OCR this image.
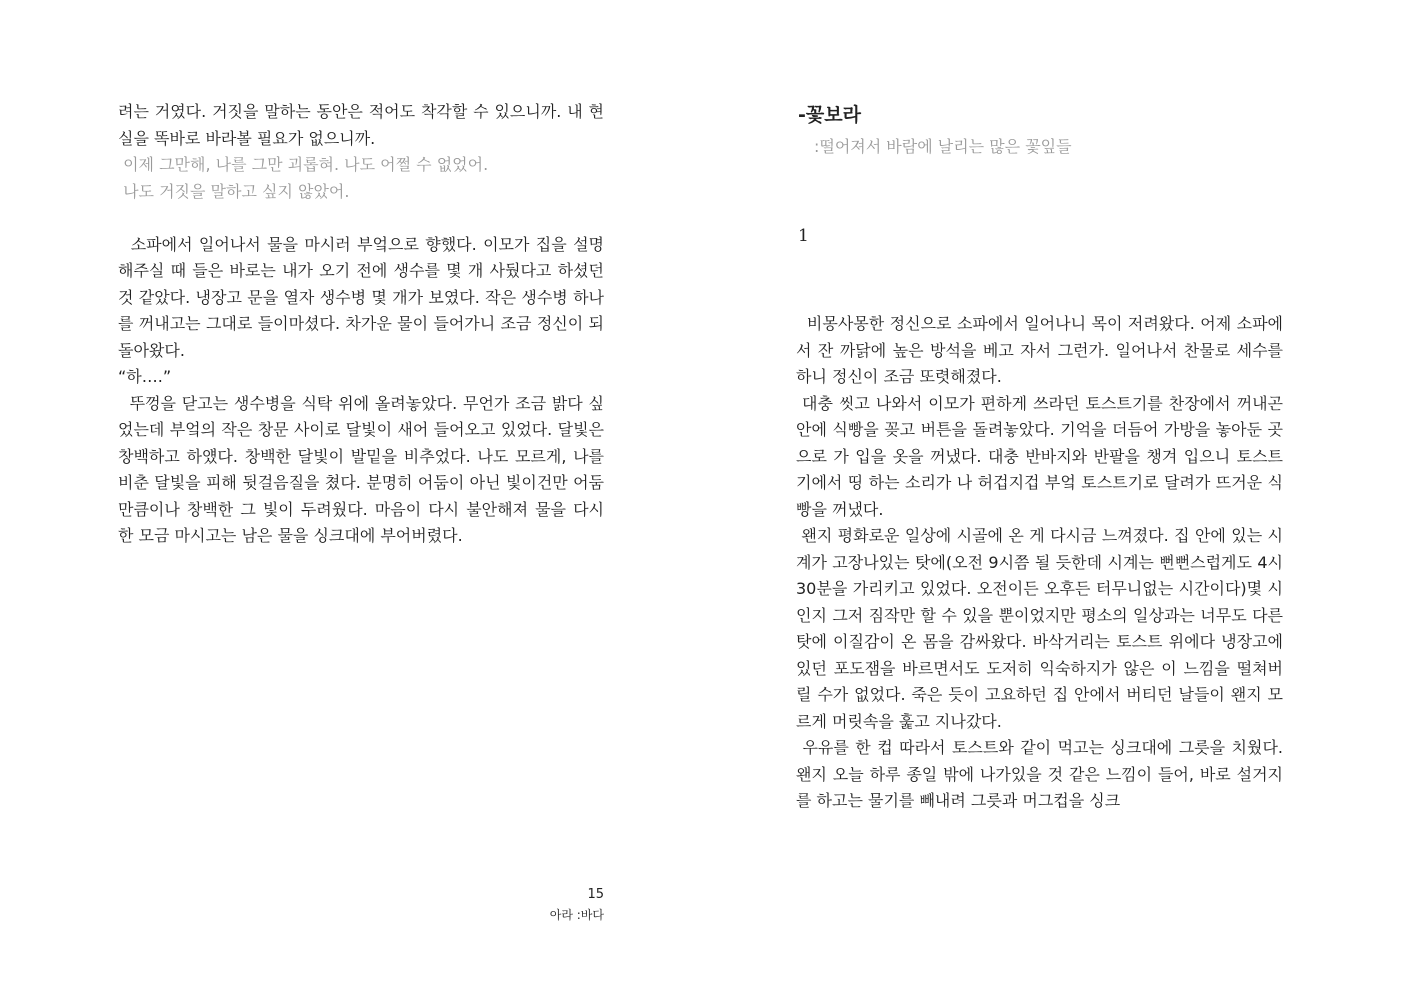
려는 거였다. 거짓을 말하는 동안은 적어도 착각할 수 있으니까. 내 현실을 똑바로 바라볼 필요가 없으니까.

이제 그만해, 나를 그만 괴롭혀. 나도 어쩔 수 없었어.

나도 거짓을 말하고 싶지 않았어.

소파에서 일어나서 물을 마시러 부엌으로 향했다. 이모가 집을 설명해주실 때 들은 바로는 내가 오기 전에 생수를 몇 개 사뒀다고 하셨던 것 같았다. 냉장고 문을 열자 생수병 몇 개가 보였다. 작은 생수병 하나를 꺼내고는 그대로 들이마셨다. 차가운 물이 들어가니 조금 정신이 되돌아왔다.

“하….”

뚜껑을 닫고는 생수병을 식탁 위에 올려놓았다. 무언가 조금 밝다 싶었는데 부엌의 작은 창문 사이로 달빛이 새어 들어오고 있었다. 달빛은 창백하고 하얬다. 창백한 달빛이 발밑을 비추었다. 나도 모르게, 나를 비춘 달빛을 피해 뒷걸음질을 쳤다. 분명히 어둠이 아닌 빛이건만 어둠만큼이나 창백한 그 빛이 두려웠다. 마음이 다시 불안해져 물을 다시 한 모금 마시고는 남은 물을 싱크대에 부어버렸다.

15
아라 :바다
-꽃보라

:떨어져서 바람에 날리는 많은 꽃잎들

1

비몽사몽한 정신으로 소파에서 일어나니 목이 저려왔다. 어제 소파에서 잔 까닭에 높은 방석을 베고 자서 그런가. 일어나서 찬물로 세수를 하니 정신이 조금 또렷해졌다.

대충 씻고 나와서 이모가 편하게 쓰라던 토스트기를 찬장에서 꺼내곤 안에 식빵을 꽂고 버튼을 돌려놓았다. 기억을 더듬어 가방을 놓아둔 곳으로 가 입을 옷을 꺼냈다. 대충 반바지와 반팔을 챙겨 입으니 토스트기에서 띵 하는 소리가 나 허겁지겁 부엌 토스트기로 달려가 뜨거운 식빵을 꺼냈다.

왠지 평화로운 일상에 시골에 온 게 다시금 느껴졌다. 집 안에 있는 시계가 고장나있는 탓에(오전 9시쯤 될 듯한데 시계는 뻔뻔스럽게도 4시 30분을 가리키고 있었다. 오전이든 오후든 터무니없는 시간이다)몇 시인지 그저 짐작만 할 수 있을 뿐이었지만 평소의 일상과는 너무도 다른 탓에 이질감이 온 몸을 감싸왔다. 바삭거리는 토스트 위에다 냉장고에 있던 포도잼을 바르면서도 도저히 익숙하지가 않은 이 느낌을 떨쳐버릴 수가 없었다. 죽은 듯이 고요하던 집 안에서 버티던 날들이 왠지 모르게 머릿속을 훑고 지나갔다.

우유를 한 컵 따라서 토스트와 같이 먹고는 싱크대에 그릇을 치웠다. 왠지 오늘 하루 종일 밖에 나가있을 것 같은 느낌이 들어, 바로 설거지를 하고는 물기를 빼내려 그릇과 머그컵을 싱크
